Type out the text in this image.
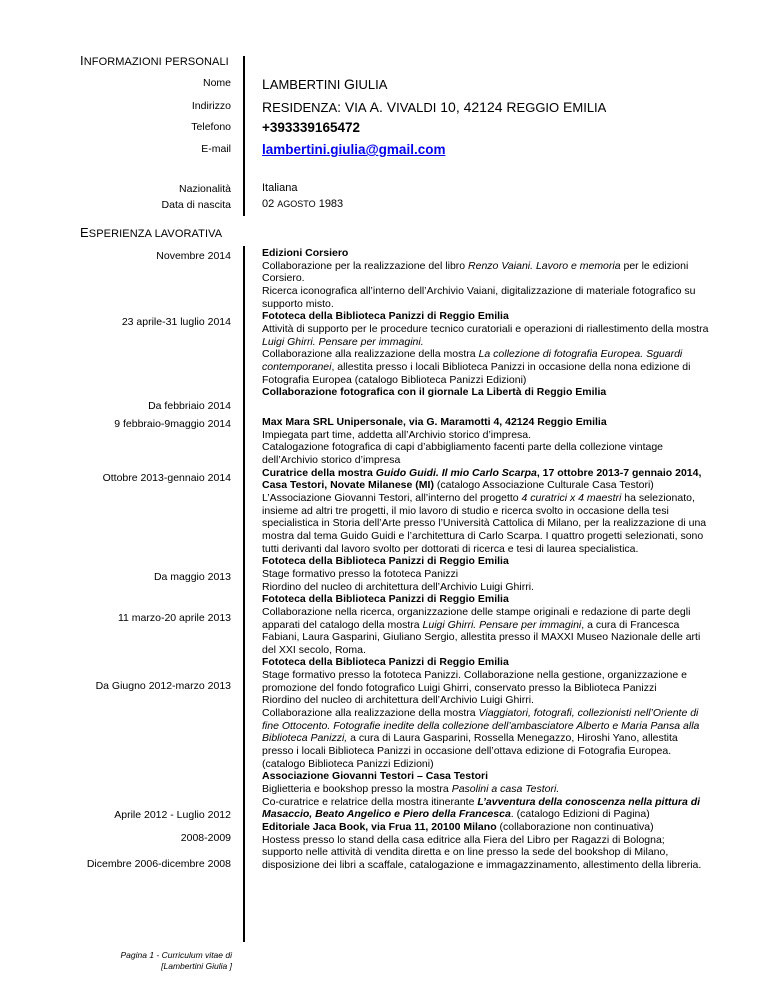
INFORMAZIONI PERSONALI
ESPERIENZA LAVORATIVA
Nome
Indirizzo
Telefono
E-mail
Nazionalità
Data di nascita
LAMBERTINI GIULIA
RESIDENZA: VIA A. VIVALDI 10, 42124 REGGIO EMILIA
+393339165472
lambertini.giulia@gmail.com
Italiana
02 AGOSTO 1983
Novembre 2014
23 aprile-31 luglio 2014
Da febbriaio 2014
9 febbraio-9maggio 2014
Ottobre 2013-gennaio 2014
Da maggio 2013
11 marzo-20 aprile 2013
Da Giugno 2012-marzo 2013
Aprile 2012 - Luglio 2012
2008-2009
Dicembre 2006-dicembre 2008

Edizioni Corsiero

Collaborazione per la realizzazione del libro Renzo Vaiani. Lavoro e memoria per le edizioni

Corsiero.

Ricerca iconografica all’interno dell’Archivio Vaiani, digitalizzazione di materiale fotografico su

supporto misto.

Fototeca della Biblioteca Panizzi di Reggio Emilia

Attività di supporto per le procedure tecnico curatoriali e operazioni di riallestimento della mostra

Luigi Ghirri. Pensare per immagini.

Collaborazione alla realizzazione della mostra La collezione di fotografia Europea. Sguardi

contemporanei, allestita presso i locali Biblioteca Panizzi in occasione della nona edizione di

Fotografia Europea (catalogo Biblioteca Panizzi Edizioni)

Collaborazione fotografica con il giornale La Libertà di Reggio Emilia

Max Mara SRL Unipersonale, via G. Maramotti 4, 42124 Reggio Emilia

Impiegata part time, addetta all’Archivio storico d’impresa.

Catalogazione fotografica di capi d’abbigliamento facenti parte della collezione vintage

dell’Archivio storico d’impresa

Curatrice della mostra Guido Guidi. Il mio Carlo Scarpa, 17 ottobre 2013-7 gennaio 2014,

Casa Testori, Novate Milanese (MI) (catalogo Associazione Culturale Casa Testori)

L’Associazione Giovanni Testori, all’interno del progetto 4 curatrici x 4 maestri ha selezionato,

insieme ad altri tre progetti, il mio lavoro di studio e ricerca svolto in occasione della tesi

specialistica in Storia dell’Arte presso l’Università Cattolica di Milano, per la realizzazione di una

mostra dal tema Guido Guidi e l’architettura di Carlo Scarpa. I quattro progetti selezionati, sono

tutti derivanti dal lavoro svolto per dottorati di ricerca e tesi di laurea specialistica.

Fototeca della Biblioteca Panizzi di Reggio Emilia

Stage formativo presso la fototeca Panizzi

Riordino del nucleo di architettura dell’Archivio Luigi Ghirri.

Fototeca della Biblioteca Panizzi di Reggio Emilia

Collaborazione nella ricerca, organizzazione delle stampe originali e redazione di parte degli

apparati del catalogo della mostra Luigi Ghirri. Pensare per immagini, a cura di Francesca

Fabiani, Laura Gasparini, Giuliano Sergio, allestita presso il MAXXI Museo Nazionale delle arti

del XXI secolo, Roma.

Fototeca della Biblioteca Panizzi di Reggio Emilia

Stage formativo presso la fototeca Panizzi. Collaborazione nella gestione, organizzazione e

promozione del fondo fotografico Luigi Ghirri, conservato presso la Biblioteca Panizzi

Riordino del nucleo di architettura dell’Archivio Luigi Ghirri.

Collaborazione alla realizzazione della mostra Viaggiatori, fotografi, collezionisti nell’Oriente di

fine Ottocento. Fotografie inedite della collezione dell’ambasciatore Alberto e Maria Pansa alla

Biblioteca Panizzi, a cura di Laura Gasparini, Rossella Menegazzo, Hiroshi Yano, allestita

presso i locali Biblioteca Panizzi in occasione dell’ottava edizione di Fotografia Europea.

(catalogo Biblioteca Panizzi Edizioni)

Associazione Giovanni Testori – Casa Testori

Biglietteria e bookshop presso la mostra Pasolini a casa Testori.

Co-curatrice e relatrice della mostra itinerante L’avventura della conoscenza nella pittura di

Masaccio, Beato Angelico e Piero della Francesca. (catalogo Edizioni di Pagina)

Editoriale Jaca Book, via Frua 11, 20100 Milano (collaborazione non continuativa)

Hostess presso lo stand della casa editrice alla Fiera del Libro per Ragazzi di Bologna;

supporto nelle attività di vendita diretta e on line presso la sede del bookshop di Milano,

disposizione dei libri a scaffale, catalogazione e immagazzinamento, allestimento della libreria.

Pagina 1 - Curriculum vitae di
[Lambertini Giulia ]
